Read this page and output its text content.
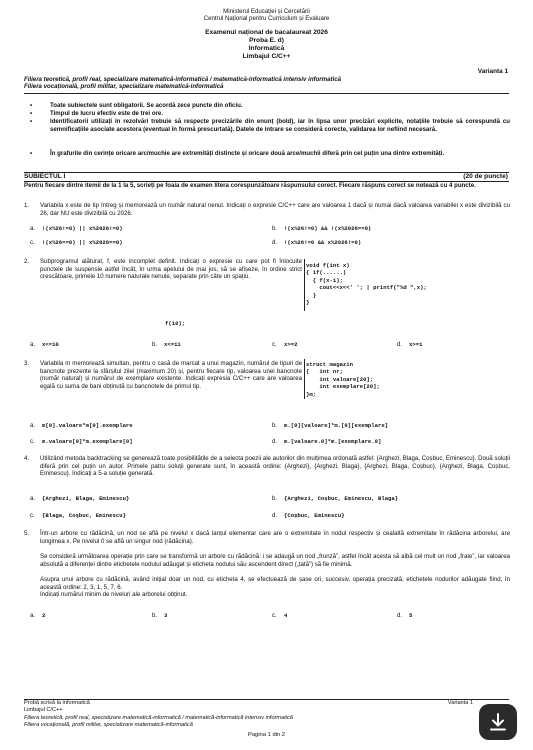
Ministerul Educației și Cercetării
Centrul Național pentru Curriculum și Evaluare
Examenul național de bacalaureat 2026
Proba E. d)
Informatică
Limbajul C/C++
Varianta 1
Filiera teoretică, profil real, specializare matematică-informatică / matematică-informatică intensiv informatică
Filiera vocațională, profil militar, specializare matematică-informatică
•	Toate subiectele sunt obligatorii. Se acordă zece puncte din oficiu.
•	Timpul de lucru efectiv este de trei ore.
•	Identificatorii utilizați în rezolvări trebuie să respecte precizările din enunț (bold), iar în lipsa unor precizări explicite, notațiile trebuie să corespundă cu semnificațiile asociate acestora (eventual în formă prescurtată). Datele de intrare se consideră corecte, validarea lor nefiind necesară.
•	În grafurile din cerințe oricare arc/muchie are extremități distincte și oricare două arce/muchii diferă prin cel puțin una dintre extremități.
SUBIECTUL I	(20 de puncte)
Pentru fiecare dintre itemii de la 1 la 5, scrieți pe foaia de examen litera corespunzătoare răspunsului corect. Fiecare răspuns corect se notează cu 4 puncte.
1. Variabila x este de tip întreg și memorează un număr natural nenul. Indicați o expresie C/C++ care are valoarea 1 dacă și numai dacă valoarea variabilei x este divizibilă cu 26, dar NU este divizibilă cu 2026.
a. !(x%26!=0) || x%2026!=0)	b. !(x%26!=0) && !(x%2026==0)
c. !(x%26==0) || x%2026==0)	d. !(x%26!=0 && x%2026!=0)
2. Subprogramul alăturat, f, este incomplet definit. Indicați o expresie cu care pot fi înlocuite punctele de suspensie astfel încât, în urma apelului de mai jos, să se afișeze, în ordine strict crescătoare, primele 10 numere naturale nenule, separate prin câte un spațiu.
f(10);
void f(int x)
{ if(......)
{ f(x-1);
cout<<x<<' '; | printf("%d ",x);
}
}
a. x<=10	b. x<=11	c. x>=2	d. x>=1
3. Variabila m memorează simultan, pentru o casă de marcat a unui magazin, numărul de tipuri de bancnote prezente la sfârșitul zilei (maximum 20) și, pentru fiecare tip, valoarea unei bancnote (număr natural) și numărul de exemplare existente. Indicați expresia C/C++ care are valoarea egală cu suma de bani obținută cu bancnotele de primul tip.
struct magazin
{   int nr;
int valoare[20];
int exemplare[20];
}m;
a. m[0].valoare*m[0].exemplare	b. m.[0][valoare]*m.[0][exemplare]
c. m.valoare[0]*m.exemplare[0]	d. m.[valoare.0]*m.[exemplare.0]
4. Utilizând metoda backtracking se generează toate posibilitățile de a selecta poezii ale autorilor din mulțimea ordonată astfel: {Arghezi, Blaga, Coșbuc, Eminescu}. Două soluții diferă prin cel puțin un autor. Primele patru soluții generate sunt, în această ordine: {Arghezi}, {Arghezi, Blaga}, {Arghezi, Blaga, Coșbuc}, {Arghezi, Blaga, Coșbuc, Eminescu}. Indicați a 5-a soluție generată.
a. {Arghezi, Blaga, Eminescu}	b. {Arghezi, Coșbuc, Eminescu, Blaga}
c. {Blaga, Coșbuc, Eminescu}	d. {Coșbuc, Eminescu}
5. Într-un arbore cu rădăcină, un nod se află pe nivelul x dacă lanțul elementar care are o extremitate în nodul respectiv și cealaltă extremitate în rădăcina arborelui, are lungimea x. Pe nivelul 0 se află un singur nod (rădăcina).
Se consideră următoarea operație prin care se transformă un arbore cu rădăcină: i se adaugă un nod „frunză”, astfel încât acesta să aibă cel mult un nod „frate”, iar valoarea absolută a diferenței dintre etichetele nodului adăugat și eticheta nodului său ascendent direct („tată”) să fie minimă.
Asupra unui arbore cu rădăcină, având inițial doar un nod, cu eticheta 4, se efectuează de șase ori, succesiv, operația precizată, etichetele nodurilor adăugate fiind, în această ordine: 2, 3, 1, 5, 7, 6.
Indicați numărul minim de niveluri ale arborelui obținut.
a. 2	b. 3	c. 4	d. 5
Probă scrisă la informatică	Varianta 1
Limbajul C/C++
Filiera teoretică, profil real, specializare matematică-informatică / matematică-informatică intensiv informatică
Filiera vocațională, profil militar, specializare matematică-informatică
Pagina 1 din 2
